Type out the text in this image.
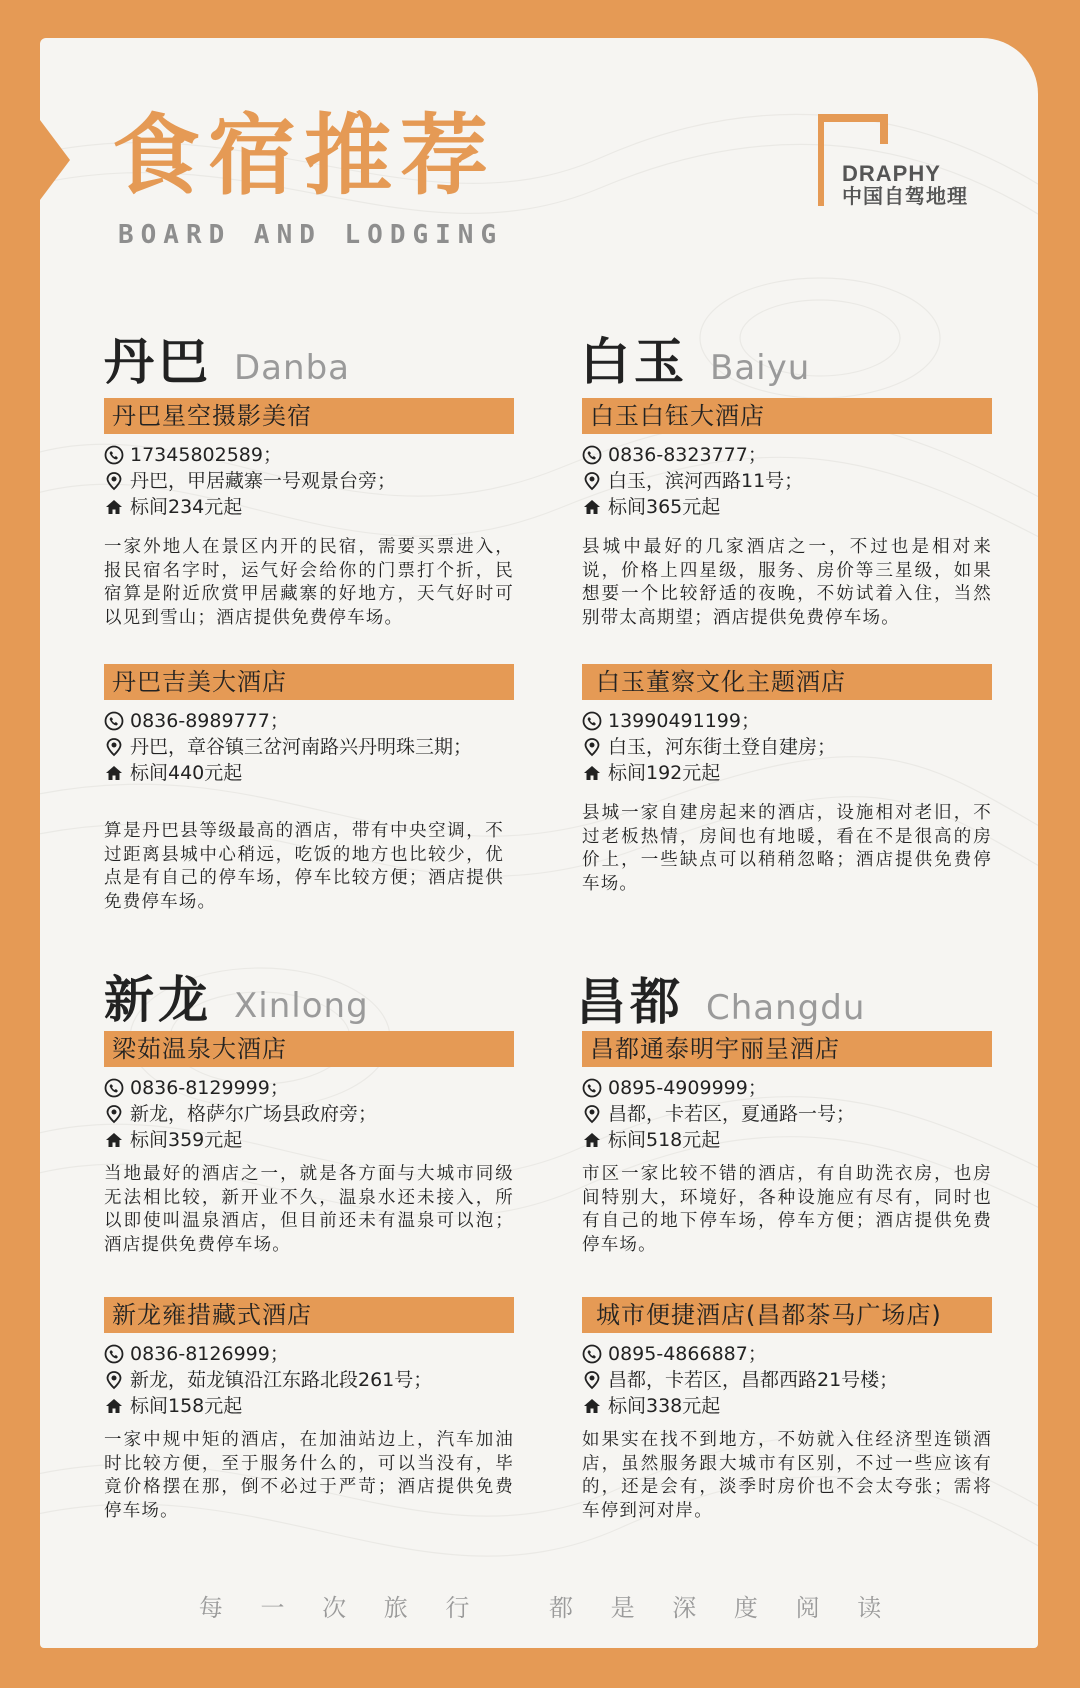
食宿推荐
BOARD AND LODGING
DRAPHY
中国自驾地理
丹巴 Danba
丹巴星空摄影美宿
17345802589；
丹巴，甲居藏寨一号观景台旁；
标间234元起
一家外地人在景区内开的民宿，需要买票进入，报民宿名字时，运气好会给你的门票打个折，民宿算是附近欣赏甲居藏寨的好地方，天气好时可以见到雪山；酒店提供免费停车场。
丹巴吉美大酒店
0836-8989777；
丹巴，章谷镇三岔河南路兴丹明珠三期；
标间440元起
算是丹巴县等级最高的酒店，带有中央空调，不过距离县城中心稍远，吃饭的地方也比较少，优点是有自己的停车场，停车比较方便；酒店提供免费停车场。
白玉 Baiyu
白玉白钰大酒店
0836-8323777；
白玉，滨河西路11号；
标间365元起
县城中最好的几家酒店之一，不过也是相对来说，价格上四星级，服务、房价等三星级，如果想要一个比较舒适的夜晚，不妨试着入住，当然别带太高期望；酒店提供免费停车场。
白玉董察文化主题酒店
13990491199；
白玉，河东街土登自建房；
标间192元起
县城一家自建房起来的酒店，设施相对老旧，不过老板热情，房间也有地暖，看在不是很高的房价上，一些缺点可以稍稍忽略；酒店提供免费停车场。
新龙 Xinlong
梁茹温泉大酒店
0836-8129999；
新龙，格萨尔广场县政府旁；
标间359元起
当地最好的酒店之一，就是各方面与大城市同级无法相比较，新开业不久，温泉水还未接入，所以即使叫温泉酒店，但目前还未有温泉可以泡；酒店提供免费停车场。
新龙雍措藏式酒店
0836-8126999；
新龙，茹龙镇沿江东路北段261号；
标间158元起
一家中规中矩的酒店，在加油站边上，汽车加油时比较方便，至于服务什么的，可以当没有，毕竟价格摆在那，倒不必过于严苛；酒店提供免费停车场。
昌都 Changdu
昌都通泰明宇丽呈酒店
0895-4909999；
昌都，卡若区，夏通路一号；
标间518元起
市区一家比较不错的酒店，有自助洗衣房，也房间特别大，环境好，各种设施应有尽有，同时也有自己的地下停车场，停车方便；酒店提供免费停车场。
城市便捷酒店(昌都茶马广场店)
0895-4866887；
昌都，卡若区，昌都西路21号楼；
标间338元起
如果实在找不到地方，不妨就入住经济型连锁酒店，虽然服务跟大城市有区别，不过一些应该有的，还是会有，淡季时房价也不会太夸张；需将车停到河对岸。
每 一 次 旅 行	都 是 深 度 阅 读
